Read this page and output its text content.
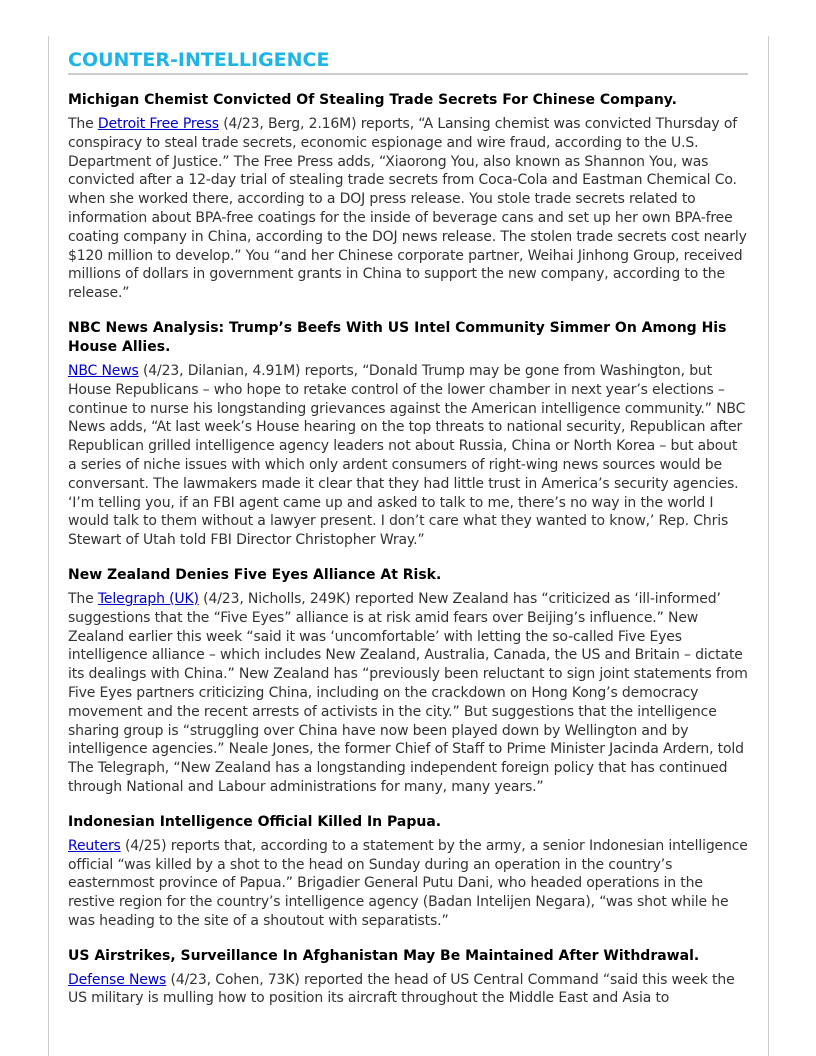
COUNTER-INTELLIGENCE
Michigan Chemist Convicted Of Stealing Trade Secrets For Chinese Company.

The Detroit Free Press (4/23, Berg, 2.16M) reports, “A Lansing chemist was convicted Thursday of conspiracy to steal trade secrets, economic espionage and wire fraud, according to the U.S. Department of Justice.” The Free Press adds, “Xiaorong You, also known as Shannon You, was convicted after a 12-day trial of stealing trade secrets from Coca-Cola and Eastman Chemical Co. when she worked there, according to a DOJ press release. You stole trade secrets related to information about BPA-free coatings for the inside of beverage cans and set up her own BPA-free coating company in China, according to the DOJ news release. The stolen trade secrets cost nearly $120 million to develop.” You “and her Chinese corporate partner, Weihai Jinhong Group, received millions of dollars in government grants in China to support the new company, according to the release.”

NBC News Analysis: Trump’s Beefs With US Intel Community Simmer On Among His House Allies.

NBC News (4/23, Dilanian, 4.91M) reports, “Donald Trump may be gone from Washington, but House Republicans – who hope to retake control of the lower chamber in next year’s elections – continue to nurse his longstanding grievances against the American intelligence community.” NBC News adds, “At last week’s House hearing on the top threats to national security, Republican after Republican grilled intelligence agency leaders not about Russia, China or North Korea – but about a series of niche issues with which only ardent consumers of right-wing news sources would be conversant. The lawmakers made it clear that they had little trust in America’s security agencies. ‘I’m telling you, if an FBI agent came up and asked to talk to me, there’s no way in the world I would talk to them without a lawyer present. I don’t care what they wanted to know,’ Rep. Chris Stewart of Utah told FBI Director Christopher Wray.”

New Zealand Denies Five Eyes Alliance At Risk.

The Telegraph (UK) (4/23, Nicholls, 249K) reported New Zealand has “criticized as ‘ill-informed’ suggestions that the “Five Eyes” alliance is at risk amid fears over Beijing’s influence.” New Zealand earlier this week “said it was ‘uncomfortable’ with letting the so-called Five Eyes intelligence alliance – which includes New Zealand, Australia, Canada, the US and Britain – dictate its dealings with China.” New Zealand has “previously been reluctant to sign joint statements from Five Eyes partners criticizing China, including on the crackdown on Hong Kong’s democracy movement and the recent arrests of activists in the city.” But suggestions that the intelligence sharing group is “struggling over China have now been played down by Wellington and by intelligence agencies.” Neale Jones, the former Chief of Staff to Prime Minister Jacinda Ardern, told The Telegraph, “New Zealand has a longstanding independent foreign policy that has continued through National and Labour administrations for many, many years.”

Indonesian Intelligence Official Killed In Papua.

Reuters (4/25) reports that, according to a statement by the army, a senior Indonesian intelligence official “was killed by a shot to the head on Sunday during an operation in the country’s easternmost province of Papua.” Brigadier General Putu Dani, who headed operations in the restive region for the country’s intelligence agency (Badan Intelijen Negara), “was shot while he was heading to the site of a shoutout with separatists.”

US Airstrikes, Surveillance In Afghanistan May Be Maintained After Withdrawal.

Defense News (4/23, Cohen, 73K) reported the head of US Central Command “said this week the US military is mulling how to position its aircraft throughout the Middle East and Asia to
